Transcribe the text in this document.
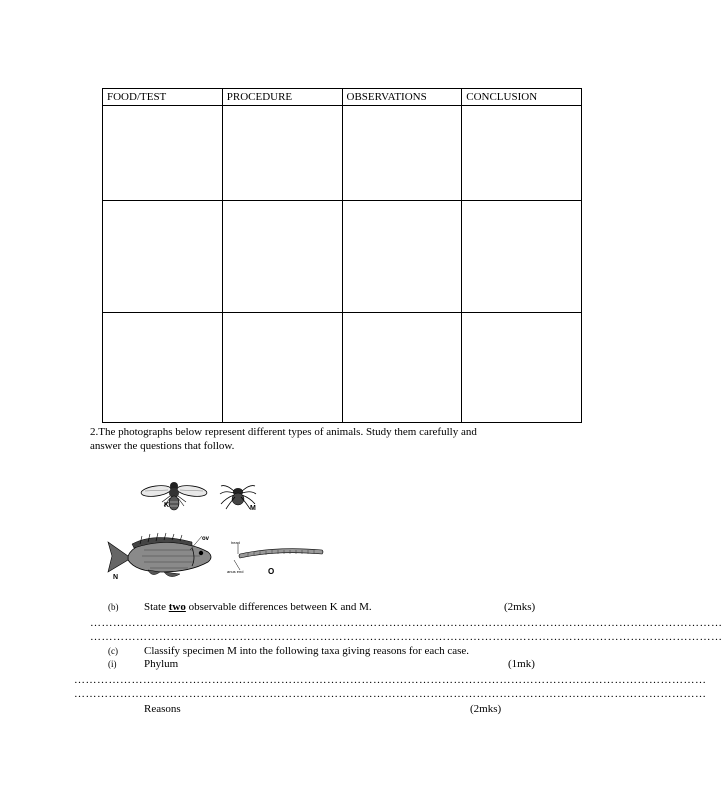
FOOD/TEST	PROCEDURE	OBSERVATIONS	CONCLUSION

2.The photographs below represent different types of animals. Study them carefully and
answer the questions that follow.
K	M
ov
N
head
anus end	O
(b) State two observable differences between K and M.	(2mks)
…………………………………………………………………………………………………………………………………………………
…………………………………………………………………………………………………………………………………………………
(c) Classify specimen M into the following taxa giving reasons for each case.
(i)	Phylum	(1mk)
…………………………………………………………………………………………………………………………………………………
…………………………………………………………………………………………………………………………………………………
Reasons	(2mks)
